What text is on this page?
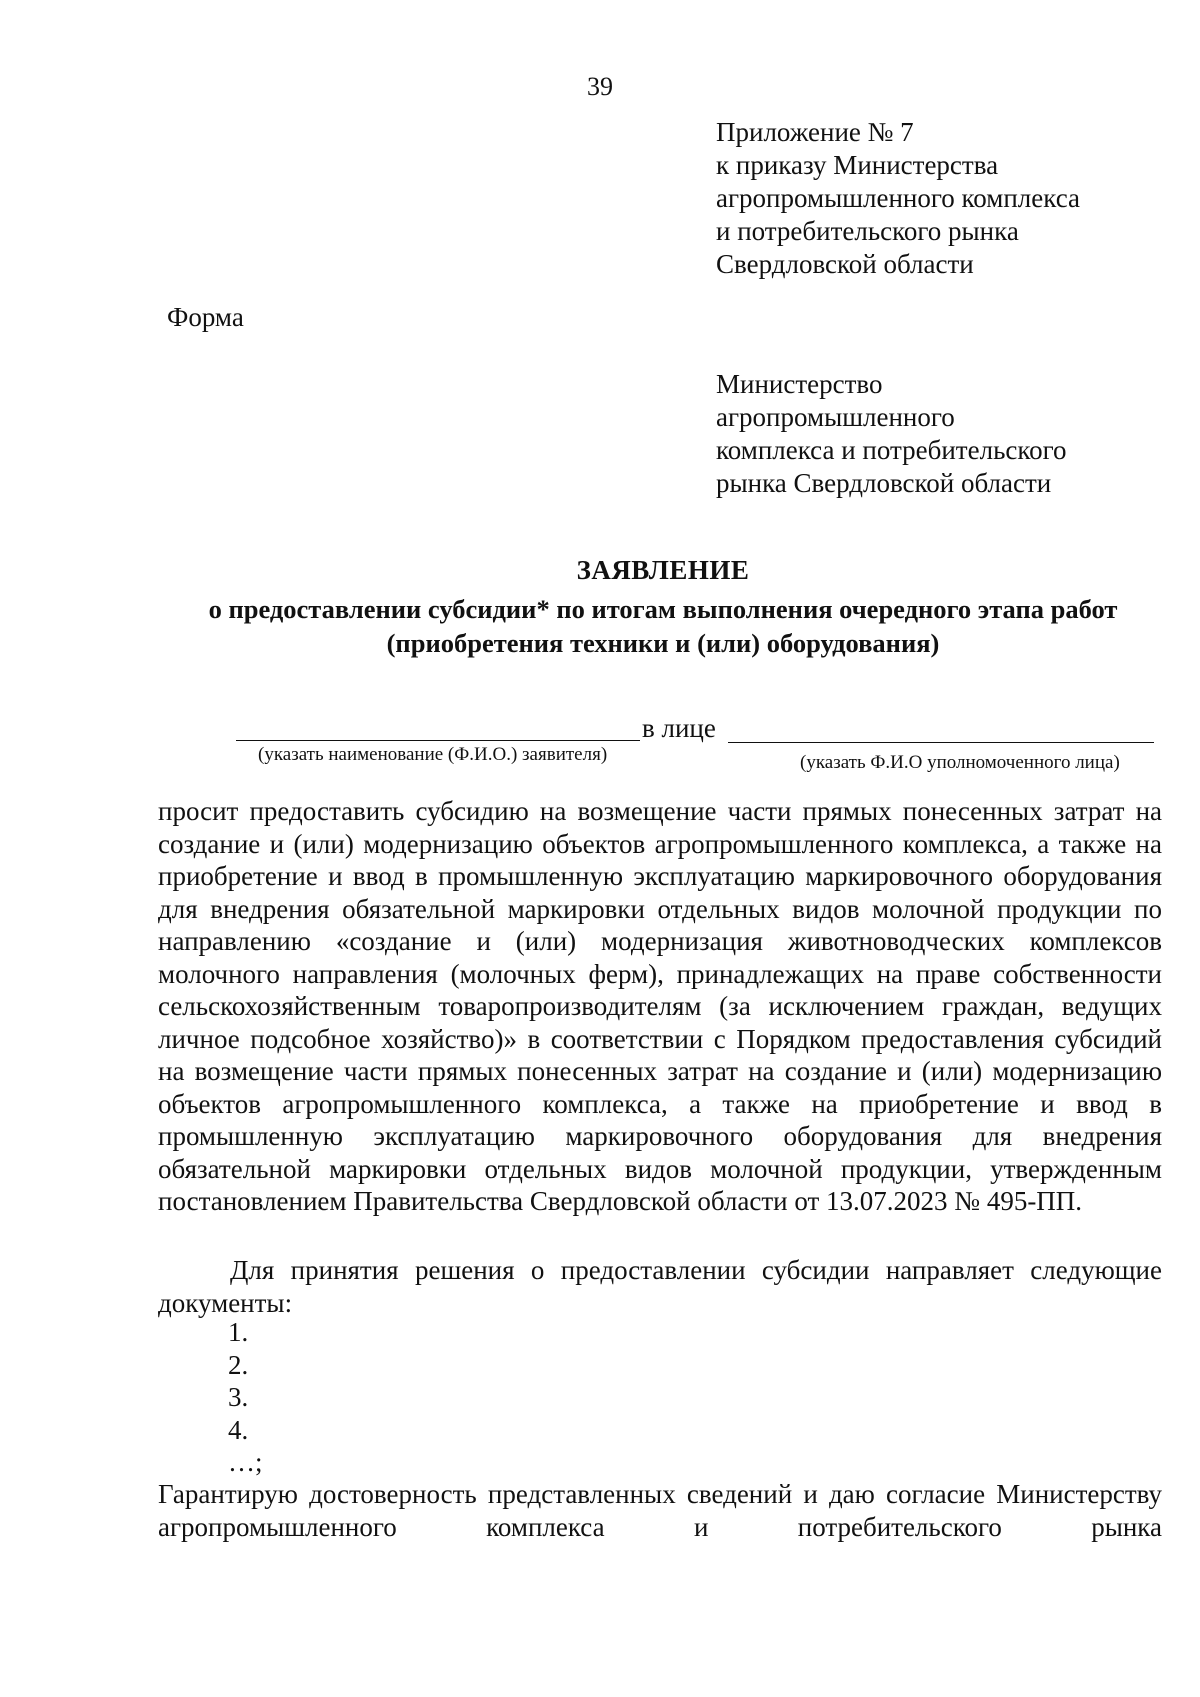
39
Приложение № 7
к приказу Министерства
агропромышленного комплекса
и потребительского рынка
Свердловской области
Форма
Министерство
агропромышленного
комплекса и потребительского
рынка Свердловской области
ЗАЯВЛЕНИЕ
о предоставлении субсидии* по итогам выполнения очередного этапа работ
(приобретения техники и (или) оборудования)
в лице
(указать наименование (Ф.И.О.) заявителя)	(указать Ф.И.О уполномоченного лица)
просит предоставить субсидию на возмещение части прямых понесенных затрат на создание и (или) модернизацию объектов агропромышленного комплекса, а также на приобретение и ввод в промышленную эксплуатацию маркировочного оборудования для внедрения обязательной маркировки отдельных видов молочной продукции по направлению «создание и (или) модернизация животноводческих комплексов молочного направления (молочных ферм), принадлежащих на праве собственности сельскохозяйственным товаропроизводителям (за исключением граждан, ведущих личное подсобное хозяйство)» в соответствии с Порядком предоставления субсидий на возмещение части прямых понесенных затрат на создание и (или) модернизацию объектов агропромышленного комплекса, а также на приобретение и ввод в промышленную эксплуатацию маркировочного оборудования для внедрения обязательной маркировки отдельных видов молочной продукции, утвержденным постановлением Правительства Свердловской области от 13.07.2023 № 495-ПП.
Для принятия решения о предоставлении субсидии направляет следующие документы:
1.
2.
3.
4.
…;
Гарантирую достоверность представленных сведений и даю согласие Министерству агропромышленного комплекса и потребительского рынка
